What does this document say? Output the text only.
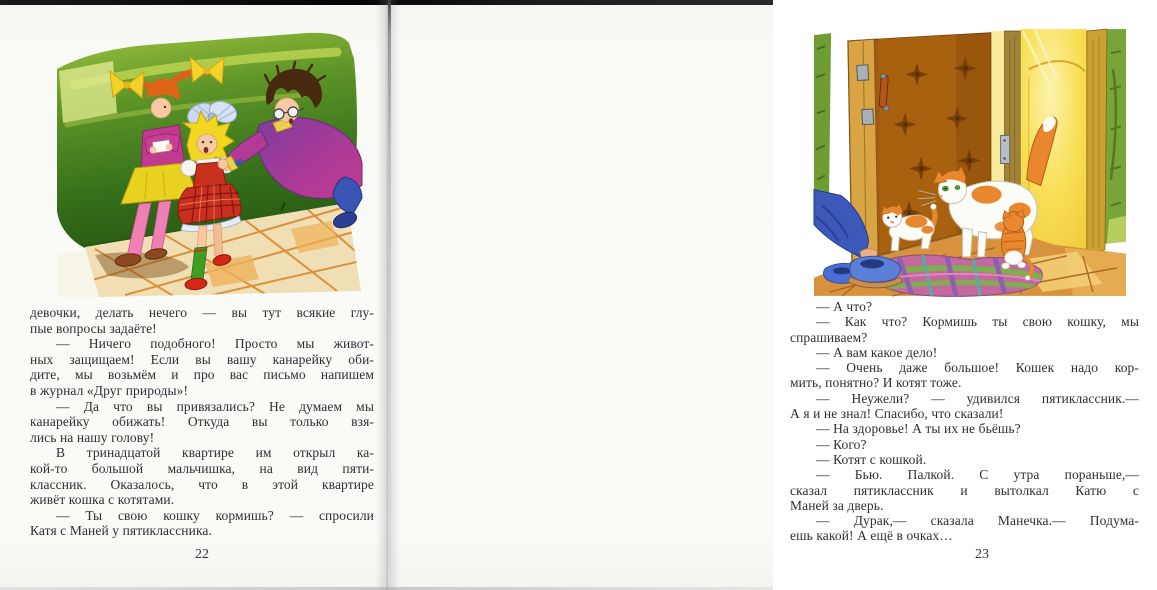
девочки, делать нечего — вы тут всякие глу-
пые вопросы задаёте!
— Ничего подобного! Просто мы живот-
ных защищаем! Если вы вашу канарейку оби-
дите, мы возьмём и про вас письмо напишем
в журнал «Друг природы»!
— Да что вы привязались? Не думаем мы
канарейку обижать! Откуда вы только взя-
лись на нашу голову!
В тринадцатой квартире им открыл ка-
кой-то большой мальчишка, на вид пяти-
классник. Оказалось, что в этой квартире
живёт кошка с котятами.
— Ты свою кошку кормишь? — спросили
Катя с Маней у пятиклассника.
22
— А что?
— Как что? Кормишь ты свою кошку, мы
спрашиваем?
— А вам какое дело!
— Очень даже большое! Кошек надо кор-
мить, понятно? И котят тоже.
— Неужели? — удивился пятиклассник.—
А я и не знал! Спасибо, что сказали!
— На здоровье! А ты их не бьёшь?
— Кого?
— Котят с кошкой.
— Бью. Палкой. С утра пораньше,—
сказал пятиклассник и вытолкал Катю с
Маней за дверь.
— Дурак,— сказала Манечка.— Подума-
ешь какой! А ещё в очках…
23
